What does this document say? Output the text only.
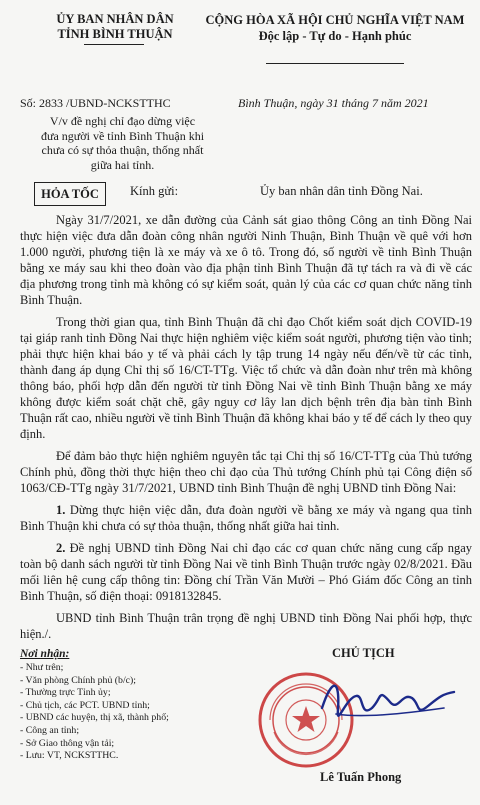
ỦY BAN NHÂN DÂN
TỈNH BÌNH THUẬN
CỘNG HÒA XÃ HỘI CHỦ NGHĨA VIỆT NAM
Độc lập - Tự do - Hạnh phúc
Số: 2833 /UBND-NCKSTTHC	Bình Thuận, ngày 31 tháng 7 năm 2021
V/v đề nghị chỉ đạo dừng việc đưa người về tỉnh Bình Thuận khi chưa có sự thỏa thuận, thống nhất giữa hai tỉnh.
HỎA TỐC	Kính gửi:	Ủy ban nhân dân tỉnh Đồng Nai.

Ngày 31/7/2021, xe dẫn đường của Cảnh sát giao thông Công an tỉnh Đồng Nai thực hiện việc đưa dẫn đoàn công nhân người Ninh Thuận, Bình Thuận về quê với hơn 1.000 người, phương tiện là xe máy và xe ô tô. Trong đó, số người về tỉnh Bình Thuận bằng xe máy sau khi theo đoàn vào địa phận tỉnh Bình Thuận đã tự tách ra và đi về các địa phương trong tỉnh mà không có sự kiểm soát, quản lý của các cơ quan chức năng tỉnh Bình Thuận.

Trong thời gian qua, tỉnh Bình Thuận đã chỉ đạo Chốt kiểm soát dịch COVID-19 tại giáp ranh tỉnh Đồng Nai thực hiện nghiêm việc kiểm soát người, phương tiện vào tỉnh; phải thực hiện khai báo y tế và phải cách ly tập trung 14 ngày nếu đến/về từ các tỉnh, thành đang áp dụng Chỉ thị số 16/CT-TTg. Việc tổ chức và dẫn đoàn như trên mà không thông báo, phối hợp dẫn đến người từ tỉnh Đồng Nai về tỉnh Bình Thuận bằng xe máy không được kiểm soát chặt chẽ, gây nguy cơ lây lan dịch bệnh trên địa bàn tỉnh Bình Thuận rất cao, nhiều người về tỉnh Bình Thuận đã không khai báo y tế để cách ly theo quy định.

Để đảm bảo thực hiện nghiêm nguyên tắc tại Chỉ thị số 16/CT-TTg của Thủ tướng Chính phủ, đồng thời thực hiện theo chỉ đạo của Thủ tướng Chính phủ tại Công điện số 1063/CĐ-TTg ngày 31/7/2021, UBND tỉnh Bình Thuận đề nghị UBND tỉnh Đồng Nai:

1. Dừng thực hiện việc dẫn, đưa đoàn người về bằng xe máy và ngang qua tỉnh Bình Thuận khi chưa có sự thỏa thuận, thống nhất giữa hai tỉnh.

2. Đề nghị UBND tỉnh Đồng Nai chỉ đạo các cơ quan chức năng cung cấp ngay toàn bộ danh sách người từ tỉnh Đồng Nai về tỉnh Bình Thuận trước ngày 02/8/2021. Đầu mối liên hệ cung cấp thông tin: Đồng chí Trần Văn Mười – Phó Giám đốc Công an tỉnh Bình Thuận, số điện thoại: 0918132845.

UBND tỉnh Bình Thuận trân trọng đề nghị UBND tỉnh Đồng Nai phối hợp, thực hiện./.

Nơi nhận:
- Như trên;
- Văn phòng Chính phủ (b/c);
- Thường trực Tỉnh ủy;
- Chủ tịch, các PCT. UBND tỉnh;
- UBND các huyện, thị xã, thành phố;
- Công an tỉnh;
- Sở Giao thông vận tải;
- Lưu: VT, NCKSTTHC.
CHỦ TỊCH
Lê Tuấn Phong
